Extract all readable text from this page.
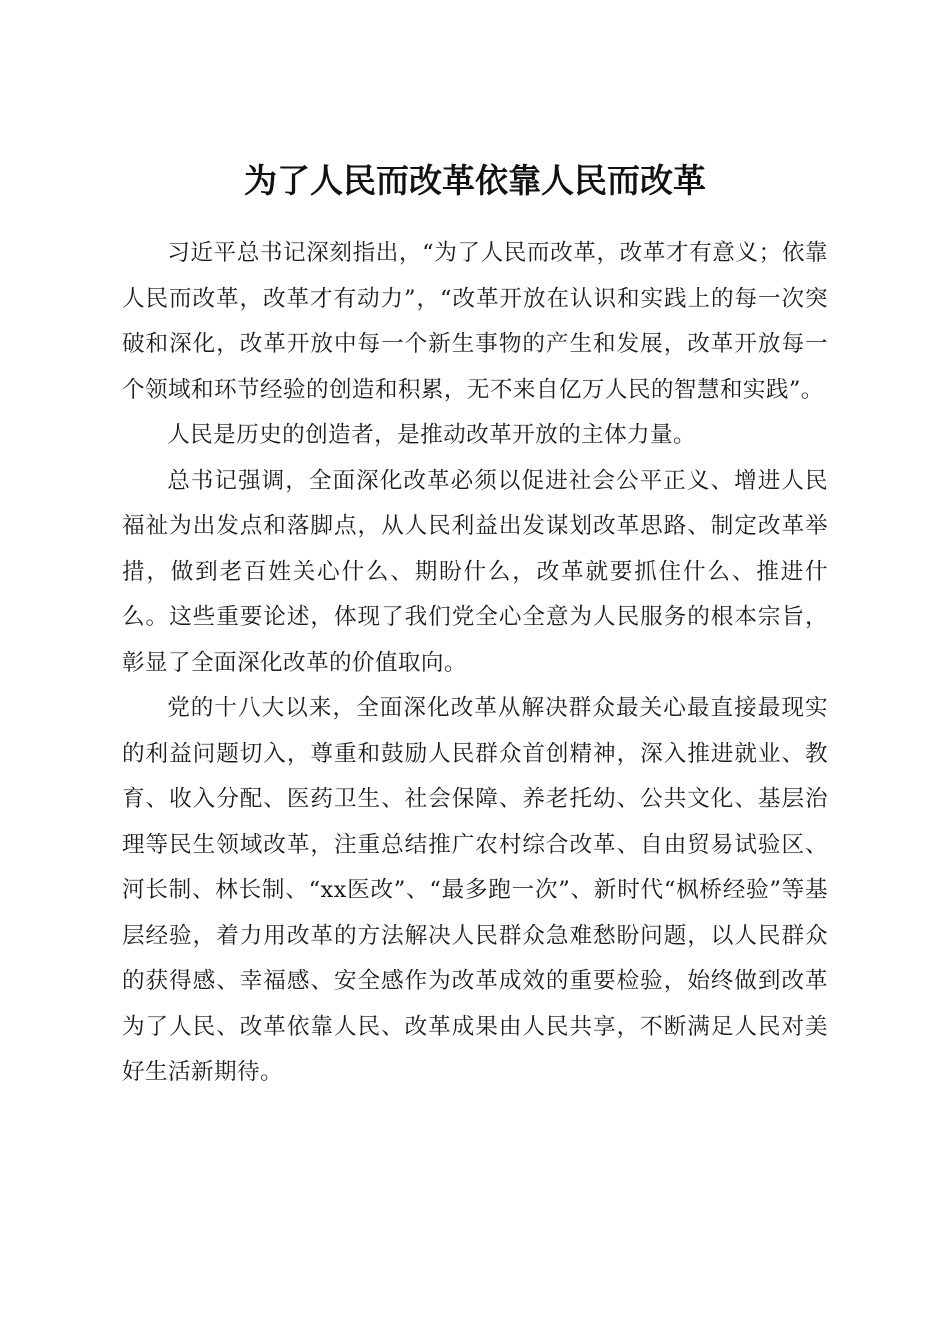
为了人民而改革依靠人民而改革

习近平总书记深刻指出，“为了人民而改革，改革才有意义；依靠人民而改革，改革才有动力”，“改革开放在认识和实践上的每一次突破和深化，改革开放中每一个新生事物的产生和发展，改革开放每一个领域和环节经验的创造和积累，无不来自亿万人民的智慧和实践”。

人民是历史的创造者，是推动改革开放的主体力量。

总书记强调，全面深化改革必须以促进社会公平正义、增进人民福祉为出发点和落脚点，从人民利益出发谋划改革思路、制定改革举措，做到老百姓关心什么、期盼什么，改革就要抓住什么、推进什么。这些重要论述，体现了我们党全心全意为人民服务的根本宗旨，彰显了全面深化改革的价值取向。

党的十八大以来，全面深化改革从解决群众最关心最直接最现实的利益问题切入，尊重和鼓励人民群众首创精神，深入推进就业、教育、收入分配、医药卫生、社会保障、养老托幼、公共文化、基层治理等民生领域改革，注重总结推广农村综合改革、自由贸易试验区、河长制、林长制、“xx医改”、“最多跑一次”、新时代“枫桥经验”等基层经验，着力用改革的方法解决人民群众急难愁盼问题，以人民群众的获得感、幸福感、安全感作为改革成效的重要检验，始终做到改革为了人民、改革依靠人民、改革成果由人民共享，不断满足人民对美好生活新期待。
